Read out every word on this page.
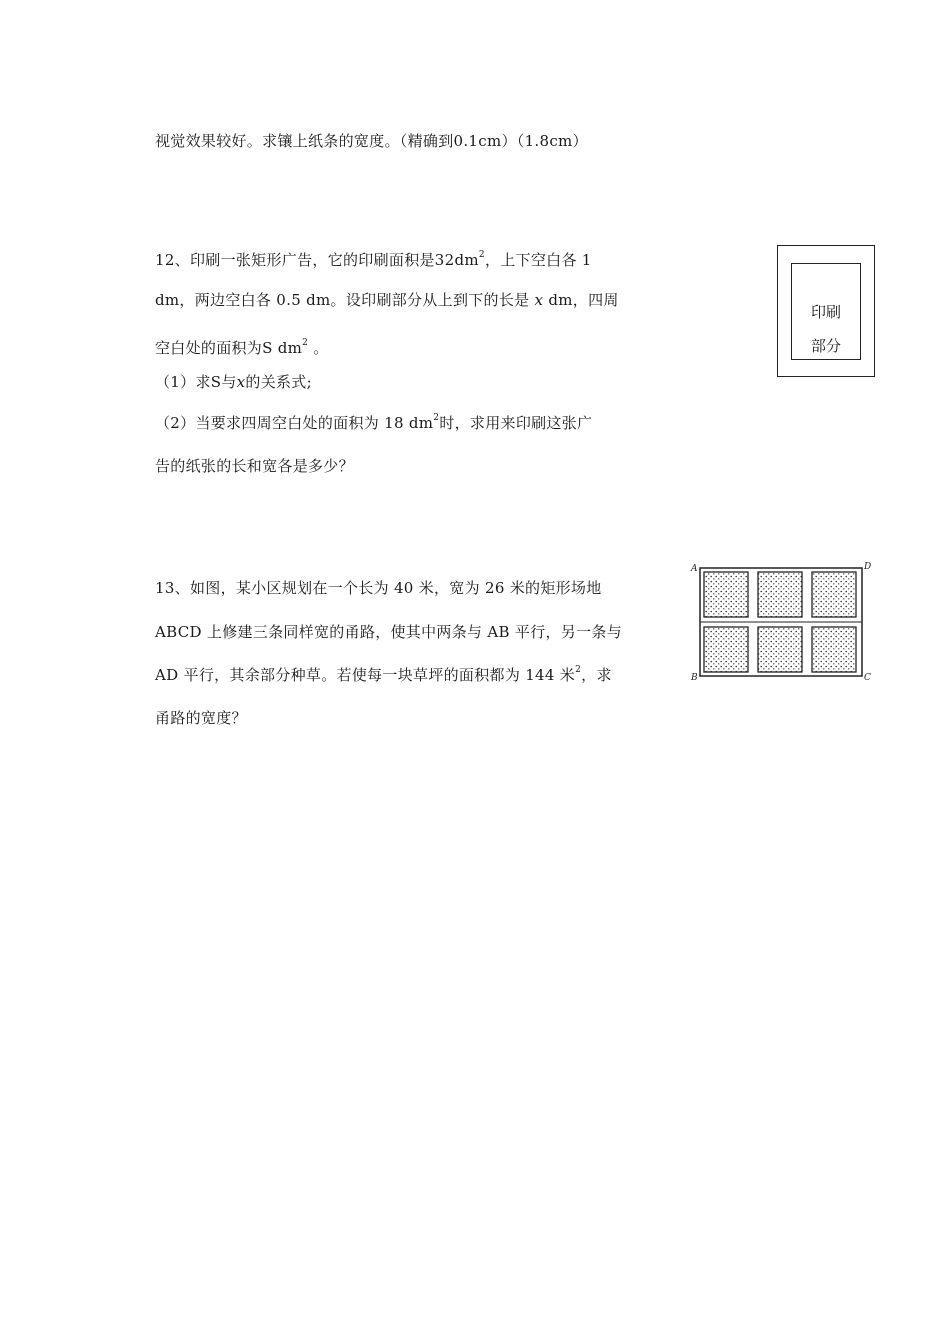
视觉效果较好。求镶上纸条的宽度。（精确到0.1cm）（1.8cm）
12、印刷一张矩形广告，它的印刷面积是$32dm^2$，上下空白各 1
dm，两边空白各 0.5 dm。设印刷部分从上到下的长是 x dm，四周
空白处的面积为S $dm^2$ 。
（1）求S与x的关系式;
（2）当要求四周空白处的面积为 18 $dm^2$时，求用来印刷这张广
告的纸张的长和宽各是多少？
印刷
部分
13、如图，某小区规划在一个长为 40 米，宽为 26 米的矩形场地
ABCD 上修建三条同样宽的甬路，使其中两条与 AB 平行，另一条与
AD 平行，其余部分种草。若使每一块草坪的面积都为 144 米$^2$，求
甬路的宽度？
A
B	C
D
